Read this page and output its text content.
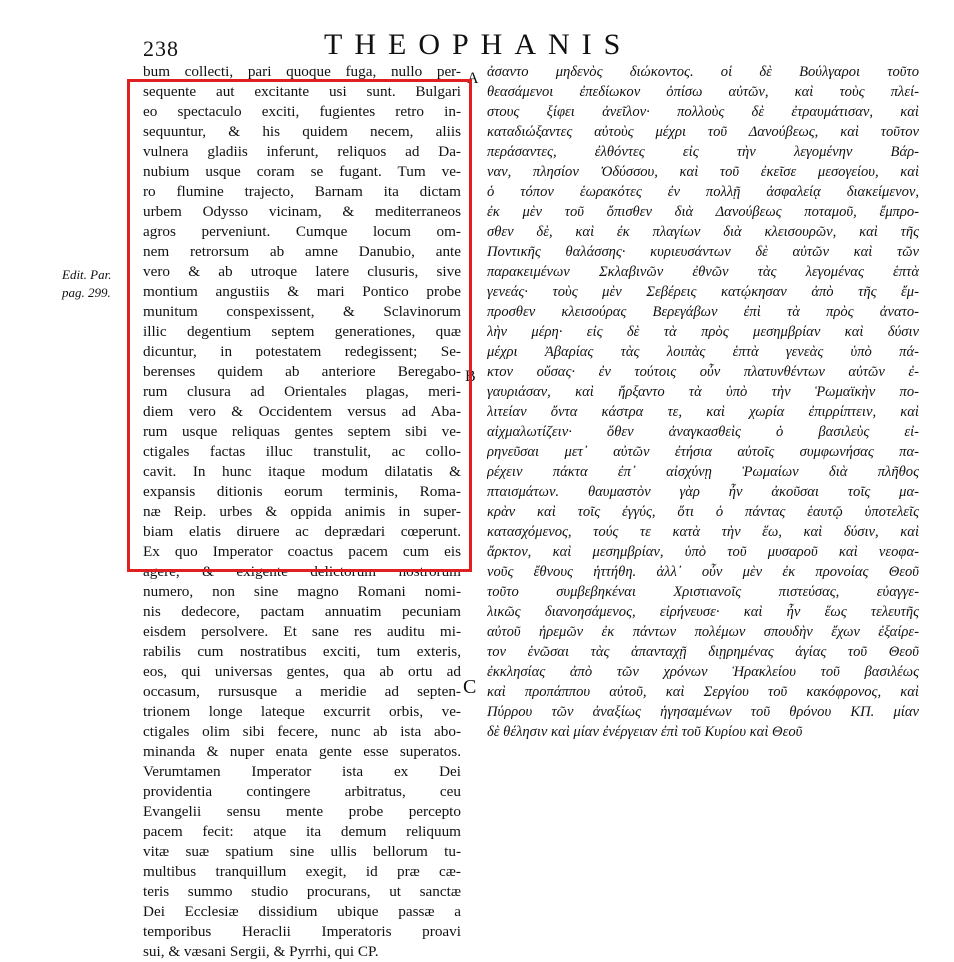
238	THEOPHANIS
Edit. Par.
pag. 299.
A
B
C
bum collecti, pari quoque fuga, nullo per-
sequente aut excitante usi sunt. Bulgari
eo spectaculo exciti, fugientes retro in-
sequuntur, & his quidem necem, aliis
vulnera gladiis inferunt, reliquos ad Da-
nubium usque coram se fugant. Tum ve-
ro flumine trajecto, Barnam ita dictam
urbem Odysso vicinam, & mediterraneos
agros perveniunt. Cumque locum om-
nem retrorsum ab amne Danubio, ante
vero & ab utroque latere clusuris, sive
montium angustiis & mari Pontico probe
munitum conspexissent, & Sclavinorum
illic degentium septem generationes, quæ
dicuntur, in potestatem redegissent; Se-
berenses quidem ab anteriore Beregabo-
rum clusura ad Orientales plagas, meri-
diem vero & Occidentem versus ad Aba-
rum usque reliquas gentes septem sibi ve-
ctigales factas illuc transtulit, ac collo-
cavit. In hunc itaque modum dilatatis &
expansis ditionis eorum terminis, Roma-
næ Reip. urbes & oppida animis in super-
biam elatis diruere ac deprædari cœperunt.
Ex quo Imperator coactus pacem cum eis
agere, & exigente delictorum nostrorum
numero, non sine magno Romani nomi-
nis dedecore, pactam annuatim pecuniam
eisdem persolvere. Et sane res auditu mi-
rabilis cum nostratibus exciti, tum exteris,
eos, qui universas gentes, qua ab ortu ad
occasum, rursusque a meridie ad septen-
trionem longe lateque excurrit orbis, ve-
ctigales olim sibi fecere, nunc ab ista abo-
minanda & nuper enata gente esse superatos.
Verumtamen Imperator ista ex Dei
providentia contingere arbitratus, ceu
Evangelii sensu mente probe percepto
pacem fecit: atque ita demum reliquum
vitæ suæ spatium sine ullis bellorum tu-
multibus tranquillum exegit, id præ cæ-
teris summo studio procurans, ut sanctæ
Dei Ecclesiæ dissidium ubique passæ a
temporibus Heraclii Imperatoris proavi
sui, & væsani Sergii, & Pyrrhi, qui CP.
ἀσαντο μηδενὸς διώκοντος. οἱ δὲ Βούλγαροι τοῦτο
θεασάμενοι ἐπεδίωκον ὀπίσω αὐτῶν, καὶ τοὺς πλεί-
στους ξίφει ἀνεῖλον· πολλοὺς δὲ ἐτραυμάτισαν, καὶ
καταδιώξαντες αὐτοὺς μέχρι τοῦ Δανούβεως, καὶ τοῦτον
περάσαντες, ἐλθόντες εἰς τὴν λεγομένην Βάρ-
ναν, πλησίον Ὀδύσσου, καὶ τοῦ ἐκεῖσε μεσογείου, καὶ
ὁ τόπον ἑωρακότες ἐν πολλῇ ἀσφαλείᾳ διακείμενον,
ἐκ μὲν τοῦ ὄπισθεν διὰ Δανούβεως ποταμοῦ, ἔμπρο-
σθεν δὲ, καὶ ἐκ πλαγίων διὰ κλεισουρῶν, καὶ τῆς
Ποντικῆς θαλάσσης· κυριευσάντων δὲ αὐτῶν καὶ τῶν
παρακειμένων Σκλαβινῶν ἐθνῶν τὰς λεγομένας ἑπτὰ
γενεάς· τοὺς μὲν Σεβέρεις κατῴκησαν ἀπὸ τῆς ἔμ-
προσθεν κλεισούρας Βερεγάβων ἐπὶ τὰ πρὸς ἀνατο-
λὴν μέρη· εἰς δὲ τὰ πρὸς μεσημβρίαν καὶ δύσιν
μέχρι Ἀβαρίας τὰς λοιπὰς ἑπτὰ γενεὰς ὑπὸ πά-
κτον οὔσας· ἐν τούτοις οὖν πλατυνθέντων αὐτῶν ἐ-
γαυριάσαν, καὶ ἤρξαντο τὰ ὑπὸ τὴν Ῥωμαϊκὴν πο-
λιτείαν ὄντα κάστρα τε, καὶ χωρία ἐπιρρίπτειν, καὶ
αἰχμαλωτίζειν· ὅθεν ἀναγκασθεὶς ὁ βασιλεὺς εἰ-
ρηνεῦσαι μετ᾽ αὐτῶν ἐτήσια αὐτοῖς συμφωνήσας πα-
ρέχειν πάκτα ἐπ᾽ αἰσχύνῃ Ῥωμαίων διὰ πλῆθος
πταισμάτων. θαυμαστὸν γὰρ ἦν ἀκοῦσαι τοῖς μα-
κρὰν καὶ τοῖς ἐγγύς, ὅτι ὁ πάντας ἑαυτῷ ὑποτελεῖς
κατασχόμενος, τούς τε κατὰ τὴν ἕω, καὶ δύσιν, καὶ
ἄρκτον, καὶ μεσημβρίαν, ὑπὸ τοῦ μυσαροῦ καὶ νεοφα-
νοῦς ἔθνους ἡττήθη. ἀλλ᾽ οὖν μὲν ἐκ προνοίας Θεοῦ
τοῦτο συμβεβηκέναι Χριστιανοῖς πιστεύσας, εὐαγγε-
λικῶς διανοησάμενος, εἰρήνευσε· καὶ ἦν ἕως τελευτῆς
αὐτοῦ ἠρεμῶν ἐκ πάντων πολέμων σπουδὴν ἔχων ἐξαίρε-
τον ἑνῶσαι τὰς ἁπανταχῇ διῃρημένας ἁγίας τοῦ Θεοῦ
ἐκκλησίας ἀπὸ τῶν χρόνων Ἡρακλείου τοῦ βασιλέως
καὶ προπάππου αὐτοῦ, καὶ Σεργίου τοῦ κακόφρονος, καὶ
Πύρρου τῶν ἀναξίως ἡγησαμένων τοῦ θρόνου ΚΠ. μίαν
δὲ θέλησιν καὶ μίαν ἐνέργειαν ἐπὶ τοῦ Κυρίου καὶ Θεοῦ
